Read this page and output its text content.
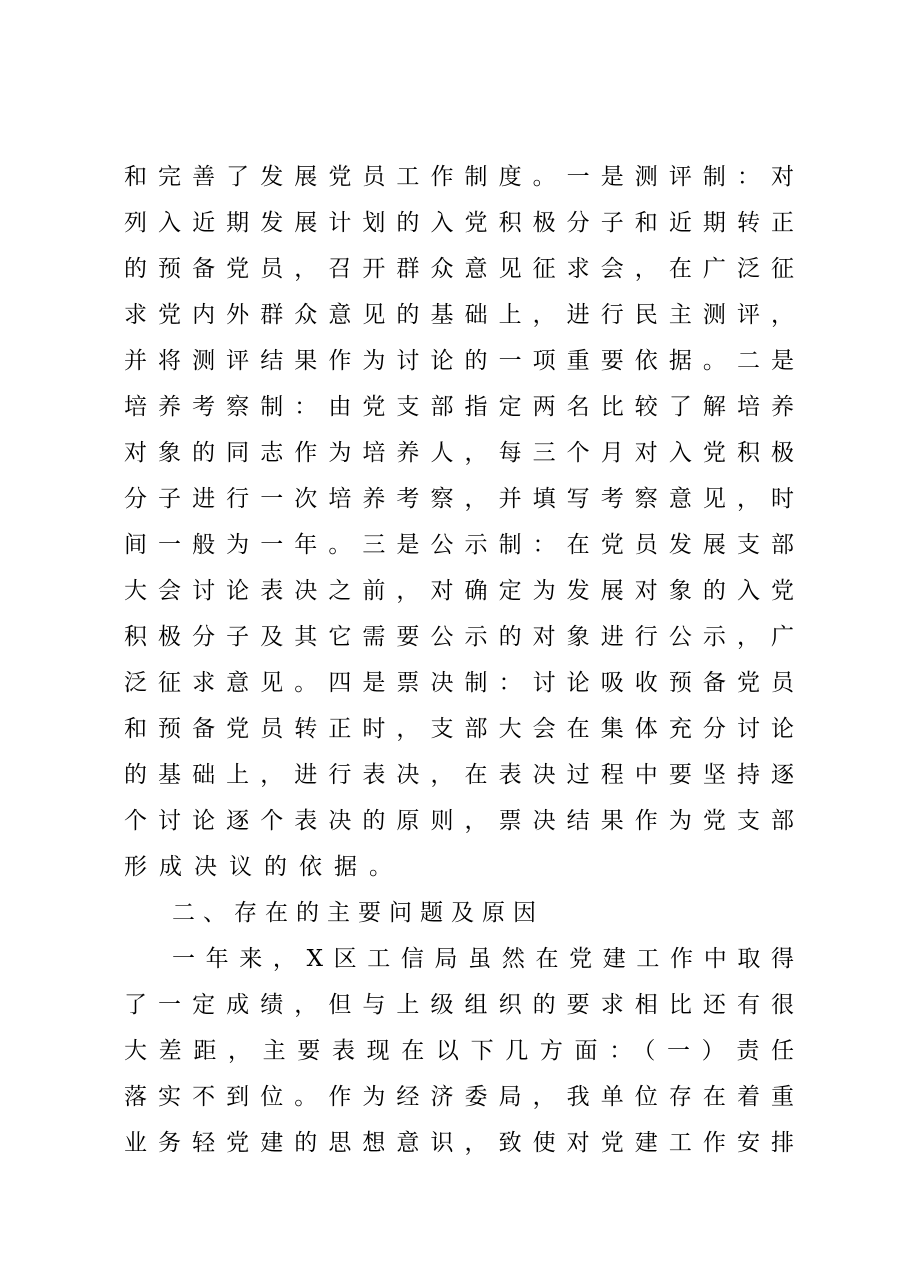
和完善了发展党员工作制度。一是测评制：对
列入近期发展计划的入党积极分子和近期转正
的预备党员，召开群众意见征求会，在广泛征
求党内外群众意见的基础上，进行民主测评，
并将测评结果作为讨论的一项重要依据。二是
培养考察制：由党支部指定两名比较了解培养
对象的同志作为培养人，每三个月对入党积极
分子进行一次培养考察，并填写考察意见，时
间一般为一年。三是公示制：在党员发展支部
大会讨论表决之前，对确定为发展对象的入党
积极分子及其它需要公示的对象进行公示，广
泛征求意见。四是票决制：讨论吸收预备党员
和预备党员转正时，支部大会在集体充分讨论
的基础上，进行表决，在表决过程中要坚持逐
个讨论逐个表决的原则，票决结果作为党支部
形成决议的依据。
二、存在的主要问题及原因
一年来，X区工信局虽然在党建工作中取得
了一定成绩，但与上级组织的要求相比还有很
大差距，主要表现在以下几方面：（一）责任
落实不到位。作为经济委局，我单位存在着重
业务轻党建的思想意识，致使对党建工作安排
